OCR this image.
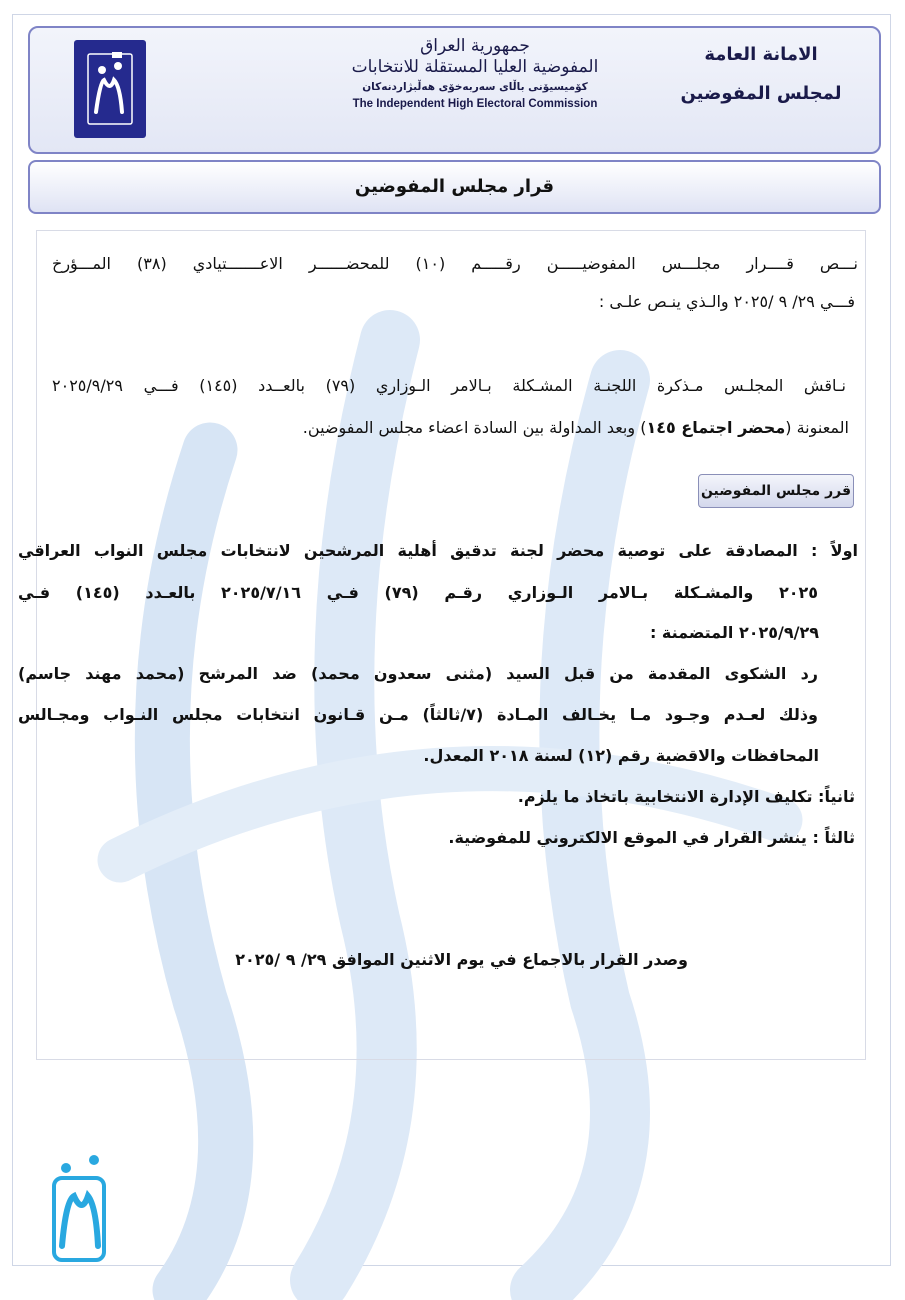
الامانة العامة
لمجلس المفوضين
جمهورية العراق
المفوضية العليا المستقلة للانتخابات
كۆمیسیۆنی باڵای سەربەخۆی هەڵبژاردنەکان
The Independent High Electoral Commission
قرار مجلس المفوضين
نـــص قــــرار مجلـــس المفوضيـــــن رقـــــم (١٠) للمحضــــــر الاعـــــــتيادي (٣٨) المـــؤرخ
فـــي ٢٩/ ٩ /٢٠٢٥ والـذي ينـص علـى :
نـاقش المجلـس مـذكرة اللجنـة المشـكلة بـالامر الـوزاري (٧٩) بالعــدد (١٤٥) فـــي ٢٠٢٥/٩/٢٩
المعنونة (محضر اجتماع ١٤٥) وبعد المداولة بين السادة اعضاء مجلس المفوضين.
قرر مجلس المفوضين
اولاً : المصادقة على توصية محضر لجنة تدقيق أهلية المرشحين لانتخابات مجلس النواب العراقي
٢٠٢٥ والمشـكلة بـالامر الـوزاري رقـم (٧٩) فـي ٢٠٢٥/٧/١٦ بالعـدد (١٤٥) فـي
٢٠٢٥/٩/٢٩ المتضمنة :
رد الشكوى المقدمة من قبل السيد (مثنى سعدون محمد) ضد المرشح (محمد مهند جاسم)
وذلك لعـدم وجـود مـا يخـالف المـادة (٧/ثالثاً) مـن قـانون انتخابات مجلس النـواب ومجـالس
المحافظات والاقضية رقم (١٢) لسنة ٢٠١٨ المعدل.
ثانياً: تكليف الإدارة الانتخابية باتخاذ ما يلزم.
ثالثاً : ينشر القرار في الموقع الالكتروني للمفوضية.
وصدر القرار بالاجماع في يوم الاثنين الموافق ٢٩/ ٩ /٢٠٢٥
